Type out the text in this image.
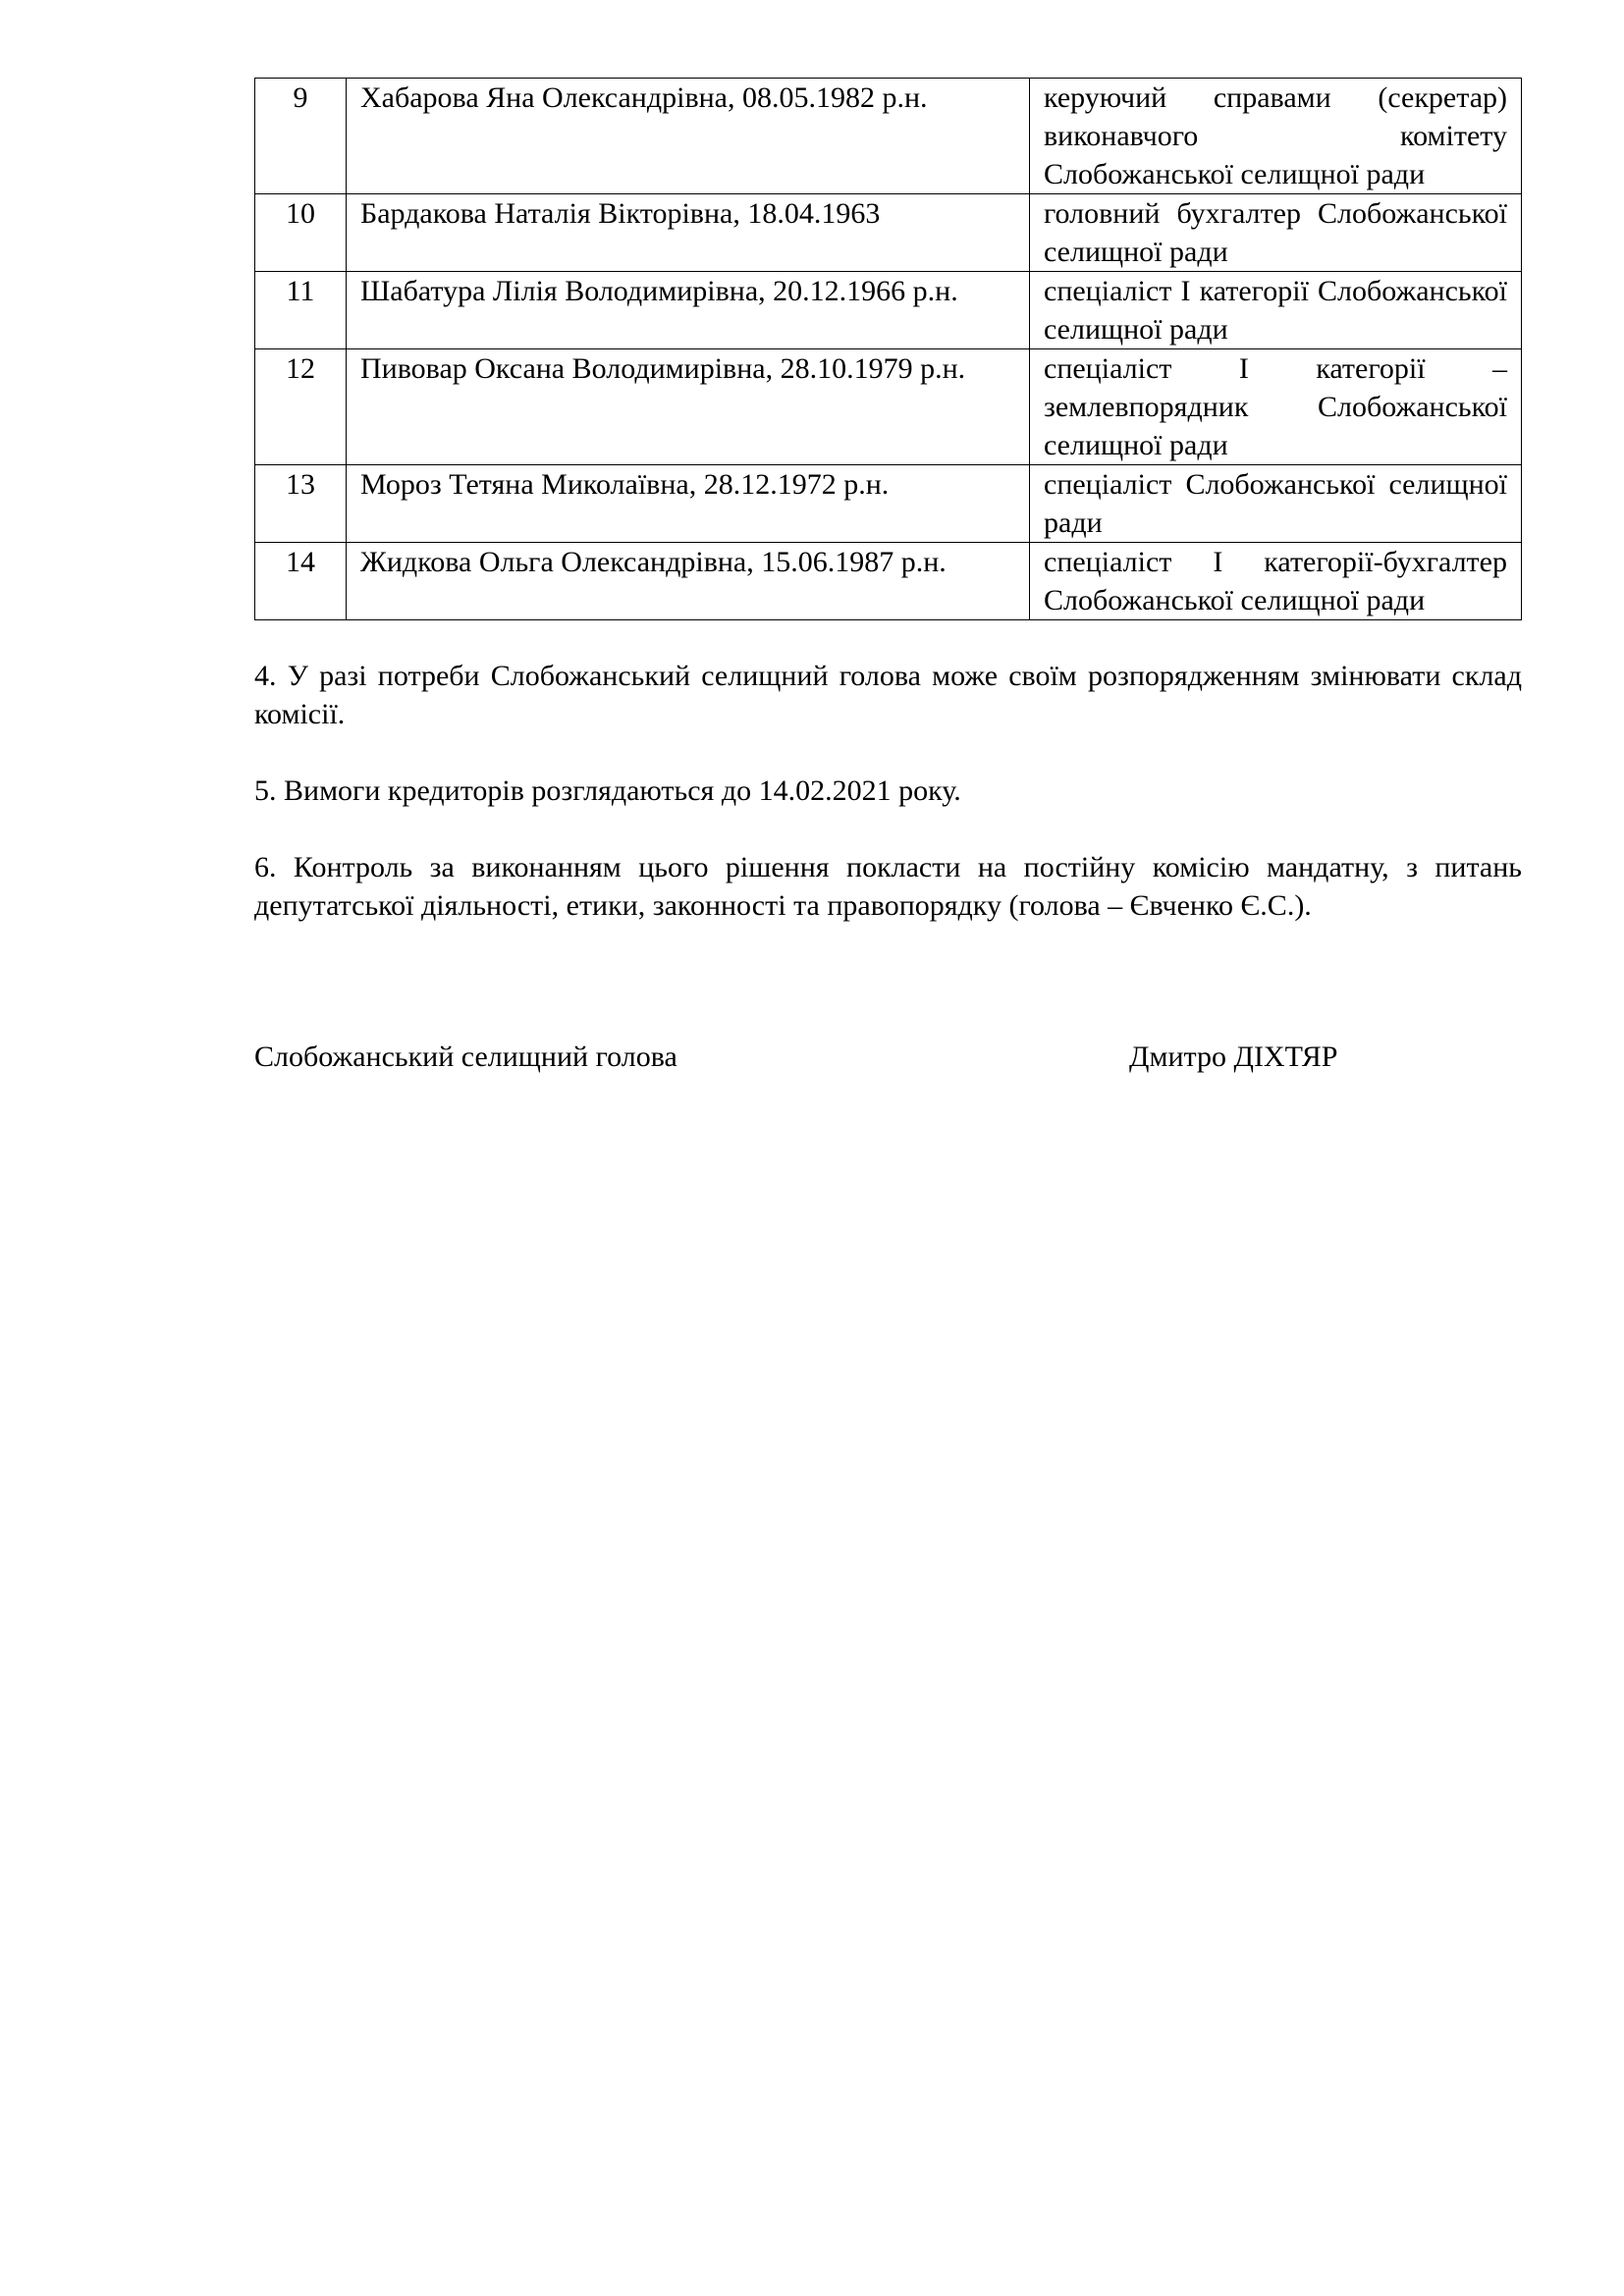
9	Хабарова Яна Олександрівна, 08.05.1982 р.н.	керуючий справами (секретар) виконавчого комітету Слобожанської селищної ради
10	Бардакова Наталія Вікторівна, 18.04.1963	головний бухгалтер Слобожанської селищної ради
11	Шабатура Лілія Володимирівна, 20.12.1966 р.н.	спеціаліст I категорії Слобожанської селищної ради
12	Пивовар Оксана Володимирівна, 28.10.1979 р.н.	спеціаліст I категорії – землевпорядник Слобожанської селищної ради
13	Мороз Тетяна Миколаївна, 28.12.1972 р.н.	спеціаліст Слобожанської селищної ради
14	Жидкова Ольга Олександрівна, 15.06.1987 р.н.	спеціаліст I категорії-бухгалтер Слобожанської селищної ради

4. У разі потреби Слобожанський селищний голова може своїм розпорядженням змінювати склад комісії.

5. Вимоги кредиторів розглядаються до 14.02.2021 року.

6. Контроль за виконанням цього рішення покласти на постійну комісію мандатну, з питань депутатської діяльності, етики, законності та правопорядку (голова – Євченко Є.С.).

Слобожанський селищний голова	Дмитро ДІХТЯР
